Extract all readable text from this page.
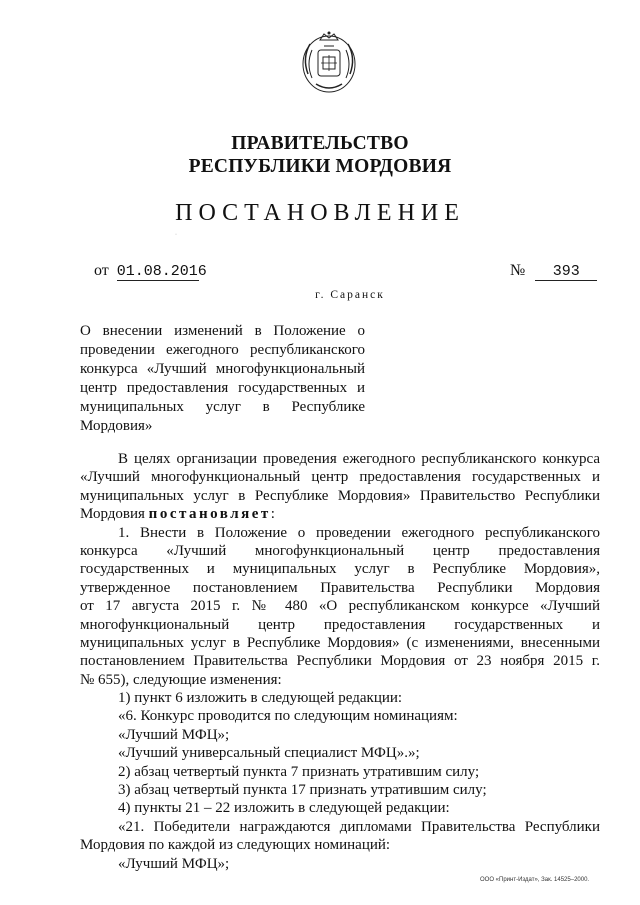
ПРАВИТЕЛЬСТВО
РЕСПУБЛИКИ МОРДОВИЯ
ПОСТАНОВЛЕНИЕ
·
от 01.08.2016	№ 393
г. Саранск
О внесении изменений в Положение о
проведении ежегодного республиканского
конкурса «Лучший многофункциональный
центр предоставления государственных и
муниципальных услуг в Республике
Мордовия»
В целях организации проведения ежегодного республиканского конкурса
«Лучший многофункциональный центр предоставления государственных и
муниципальных услуг в Республике Мордовия» Правительство Республики
Мордовия постановляет:
1. Внести в Положение о проведении ежегодного республиканского
конкурса «Лучший многофункциональный центр предоставления
государственных и муниципальных услуг в Республике Мордовия»,
утвержденное постановлением Правительства Республики Мордовия
от 17 августа 2015 г. № 480 «О республиканском конкурсе «Лучший
многофункциональный центр предоставления государственных и
муниципальных услуг в Республике Мордовия» (с изменениями, внесенными
постановлением Правительства Республики Мордовия от 23 ноября 2015 г.
№ 655), следующие изменения:
1) пункт 6 изложить в следующей редакции:
«6. Конкурс проводится по следующим номинациям:
«Лучший МФЦ»;
«Лучший универсальный специалист МФЦ».»;
2) абзац четвертый пункта 7 признать утратившим силу;
3) абзац четвертый пункта 17 признать утратившим силу;
4) пункты 21 – 22 изложить в следующей редакции:
«21. Победители награждаются дипломами Правительства Республики
Мордовия по каждой из следующих номинаций:
«Лучший МФЦ»;
ООО «Принт-Издат», Зак. 14525–2000.
